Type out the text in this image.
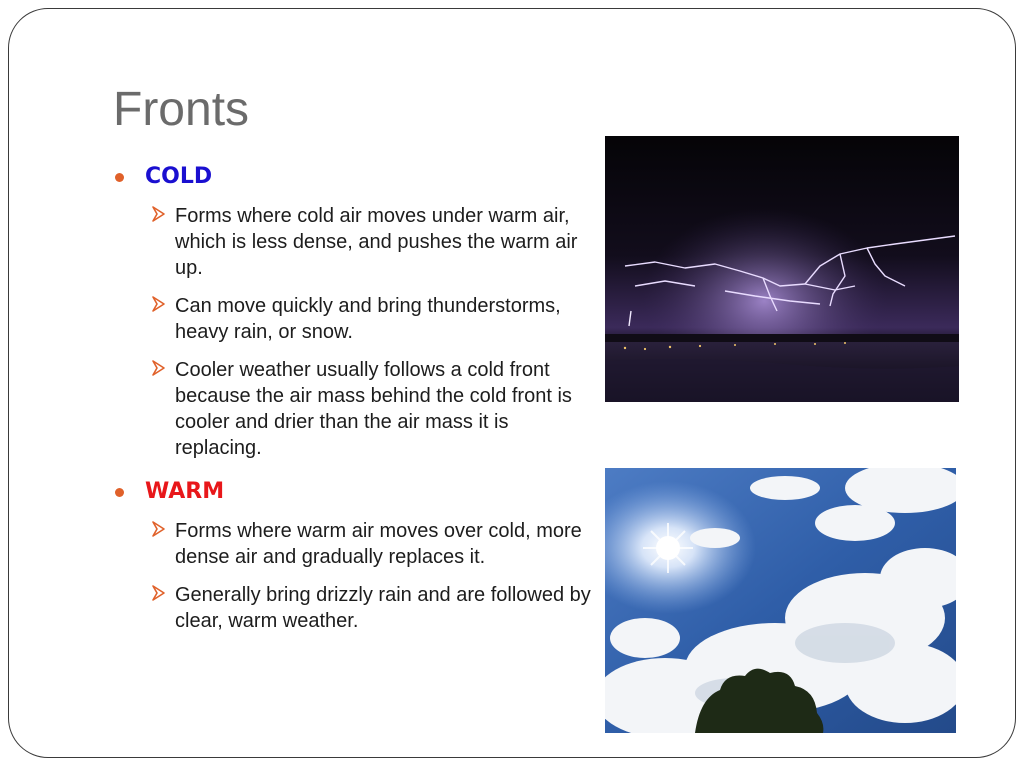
Fronts
COLD
Forms where cold air moves under warm air, which is less dense, and pushes the warm air up.
Can move quickly and bring thunderstorms, heavy rain, or snow.
Cooler weather usually follows a cold front because the air mass behind the cold front is cooler and drier than the air mass it is replacing.
WARM
Forms where warm air moves over cold, more dense air and gradually replaces it.
Generally bring drizzly rain and are followed by clear, warm weather.
